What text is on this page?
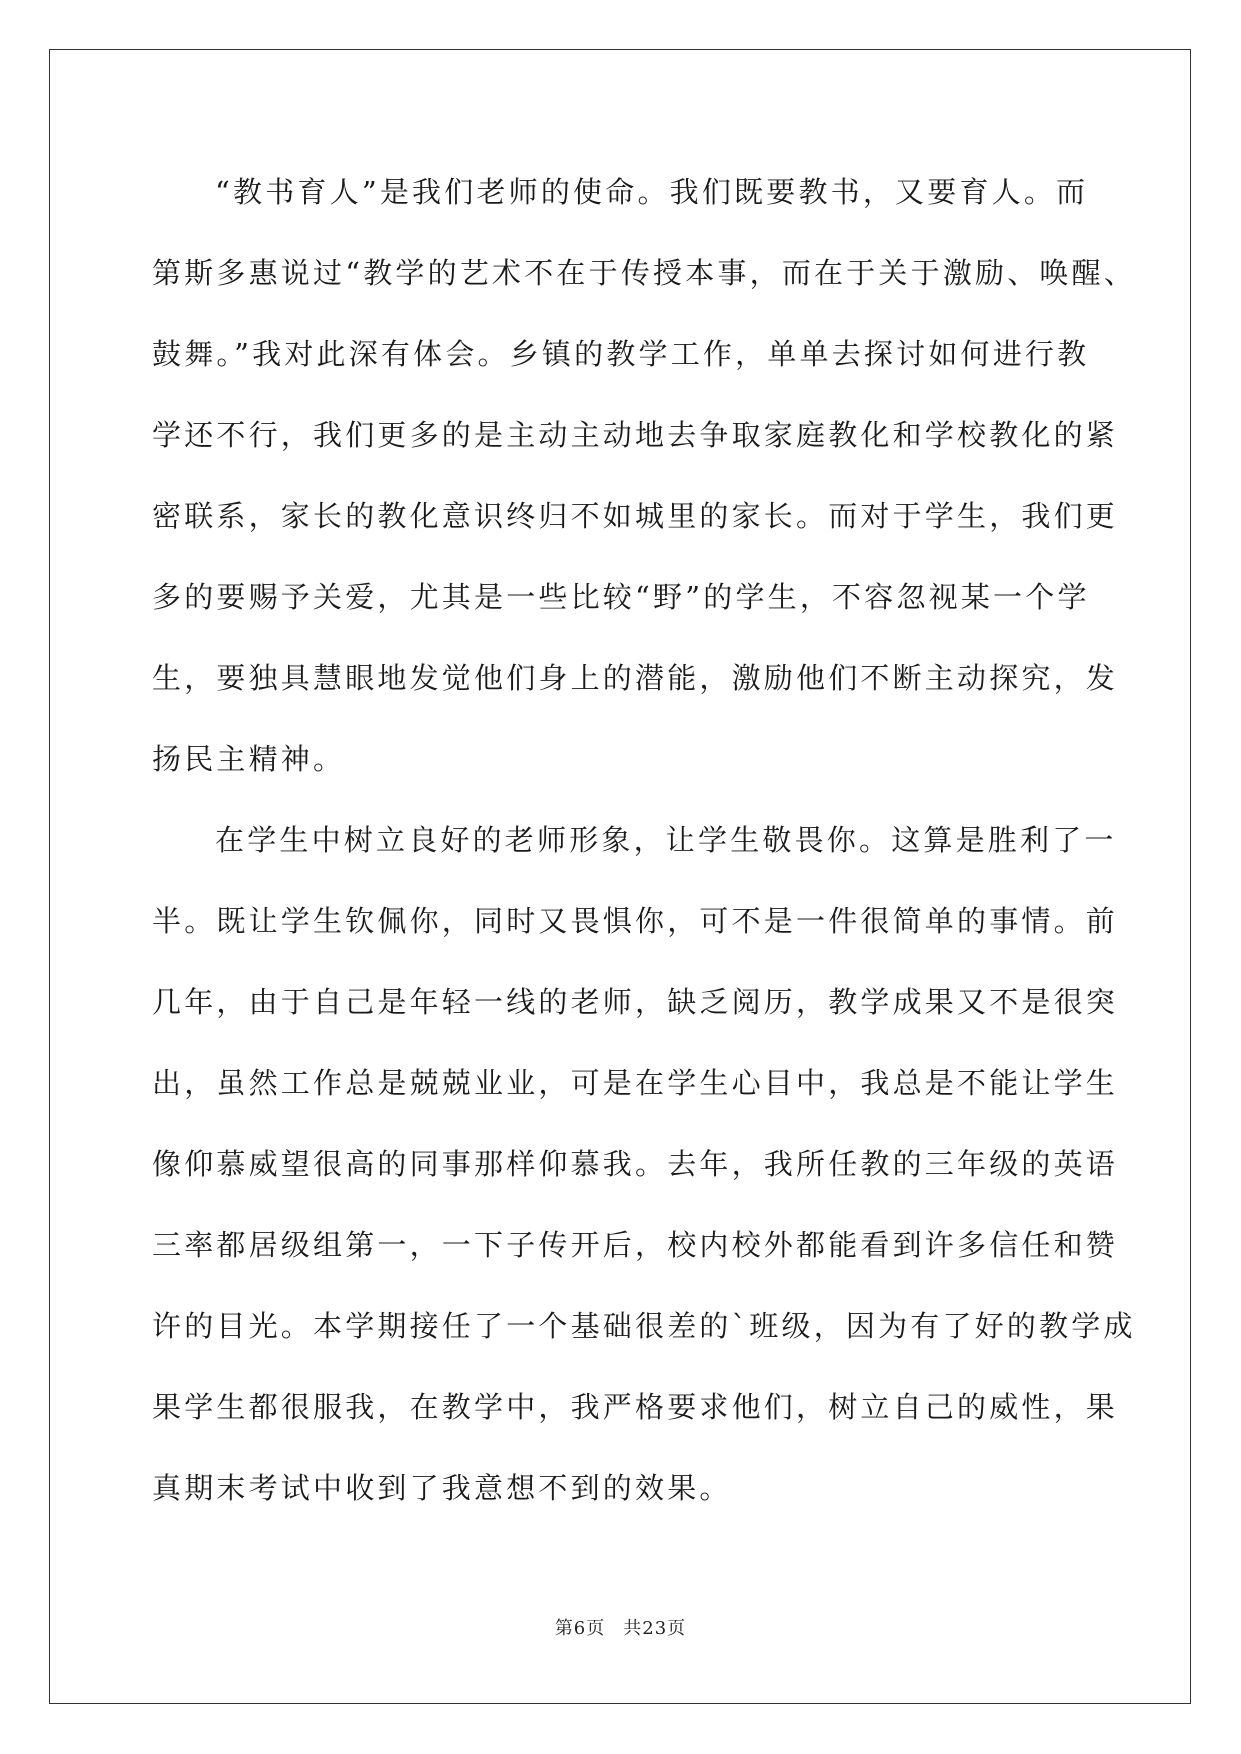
“教书育人”是我们老师的使命。我们既要教书，又要育人。而
第斯多惠说过“教学的艺术不在于传授本事，而在于关于激励、唤醒、
鼓舞。”我对此深有体会。乡镇的教学工作，单单去探讨如何进行教
学还不行，我们更多的是主动主动地去争取家庭教化和学校教化的紧
密联系，家长的教化意识终归不如城里的家长。而对于学生，我们更
多的要赐予关爱，尤其是一些比较“野”的学生，不容忽视某一个学
生，要独具慧眼地发觉他们身上的潜能，激励他们不断主动探究，发
扬民主精神。
在学生中树立良好的老师形象，让学生敬畏你。这算是胜利了一
半。既让学生钦佩你，同时又畏惧你，可不是一件很简单的事情。前
几年，由于自己是年轻一线的老师，缺乏阅历，教学成果又不是很突
出，虽然工作总是兢兢业业，可是在学生心目中，我总是不能让学生
像仰慕威望很高的同事那样仰慕我。去年，我所任教的三年级的英语
三率都居级组第一，一下子传开后，校内校外都能看到许多信任和赞
许的目光。本学期接任了一个基础很差的`班级，因为有了好的教学成
果学生都很服我，在教学中，我严格要求他们，树立自己的威性，果
真期末考试中收到了我意想不到的效果。
第6页 共23页
